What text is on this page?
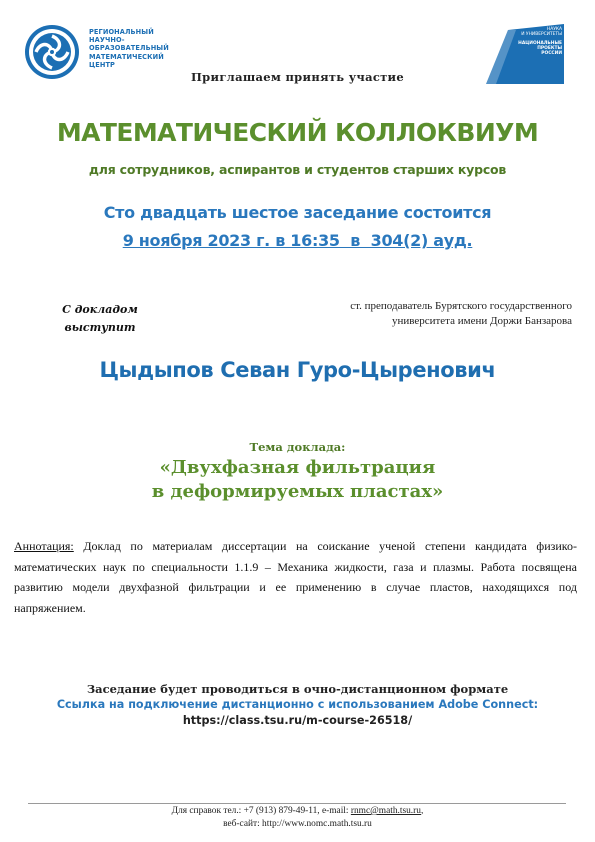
РЕГИОНАЛЬНЫЙ
НАУЧНО-
ОБРАЗОВАТЕЛЬНЫЙ
МАТЕМАТИЧЕСКИЙ
ЦЕНТР
НАУКА
И УНИВЕРСИТЕТЫ
НАЦИОНАЛЬНЫЕ
ПРОЕКТЫ
РОССИИ
Приглашаем принять участие
МАТЕМАТИЧЕСКИЙ КОЛЛОКВИУМ
для сотрудников, аспирантов и студентов старших курсов
Сто двадцать шестое заседание состоится
9 ноября 2023 г. в 16:35  в  304(2) ауд.
С докладом
выступит
ст. преподаватель Бурятского государственного
университета имени Доржи Банзарова
Цыдыпов Севан Гуро-Цыренович
Тема доклада:
«Двухфазная фильтрация
в деформируемых пластах»
Аннотация: Доклад по материалам диссертации на соискание ученой степени кандидата физико-математических наук по специальности 1.1.9 – Механика жидкости, газа и плазмы. Работа посвящена развитию модели двухфазной фильтрации и ее применению в случае пластов, находящихся под напряжением.
Заседание будет проводиться в очно-дистанционном формате
Ссылка на подключение дистанционно с использованием Adobe Connect:
https://class.tsu.ru/m-course-26518/
Для справок тел.: +7 (913) 879-49-11, e-mail: rnmc@math.tsu.ru,
веб-сайт: http://www.nomc.math.tsu.ru
